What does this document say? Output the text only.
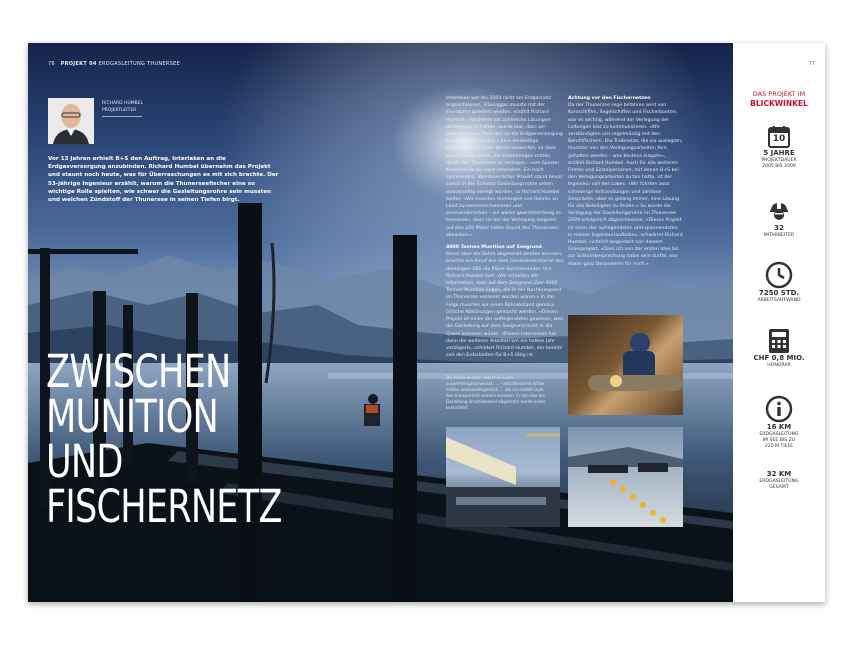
76 PROJEKT 04 ERDGASLEITUNG THUNERSEE
RICHARD HUMBEL
PROJEKTLEITER
Vor 13 Jahren erhielt B+S den Auftrag, Interlaken an die Erdgasversorgung anzubinden. Richard Humbel übernahm das Projekt und staunt noch heute, was für Überraschungen es mit sich brachte. Der 53-jährige Ingenieur erzählt, warum die Thunerseefischer eine so wichtige Rolle spielten, wie schwer die Gasleitungsrohre sein mussten und welchen Zündstoff der Thunersee in seinen Tiefen birgt.
ZWISCHEN
MUNITION
UND
FISCHERNETZ
Interlaken war bis 2004 nicht am Erdgasnetz angeschlossen. Flüssiggas musste mit der Eisenbahn geliefert werden, erzählt Richard Humbel. «Nachdem wir zahlreiche Lösungen durchgedacht hatten, wurde klar, dass wir Interlaken von Thun aus an die Erdgasversorgung anschliessen würden.» Eine landseitige Anbindung via Spiez wurde verworfen, so dass entschieden wurde, die Gasleitungen mitten durch den Thunersee zu verlegen – vom Spiezer Kanderdelta bis nach Interlaken. Ein hoch spannendes, abenteuerliches Projekt stand bevor, zumal in der Schweiz Gasleitungsrohre selten wasserseitig verlegt würden, so Richard Humbel weiter. «Wir mussten Unmengen von Rohren an Land zusammenschweissen und aneinanderreihen – sie waren gewichtsmässig so bemessen, dass sie bei der Verlegung langsam auf den 220 Meter tiefen Grund des Thunersees absanken.»
4000 Tonnen Munition auf Seegrund
Bevor aber die Rohre abgesenkt werden konnten, brachte ein Anruf aus dem Generalsekretariat des damaligen VBS die Pläne durcheinander. Uns Richard Humbel fort: «Wir erhielten die Information, dass auf dem Seegrund über 4000 Tonnen Munition liegen, die in der Nachkriegszeit im Thunersee versenkt worden waren.» In der Folge mussten wir einen Rohrabstand gemäss örtliche Abklärungen gemacht werden. «Diesen Projekt ist eines der aufregendsten gewesen, weil die Gasleitung auf dem Seegrund nicht in die Quere kommen würde. «Dieses Intermezzo hat dann die weiteren Arbeiten um ein halbes Jahr verzögert», schildert Richard Humbel, der bereits seit den Erdarbeiten für B+S tätig ist.
Achtung vor den Fischernetzen
Da der Thunersee rege befahren wird von Kursschiffen, Segelschiffen und Fischerbooten, war es wichtig, während der Verlegung der Leitungen klar zu kommunizieren. «Wir verständigten uns regelmässig mit den Berufsfischern. Die Treibnetze, die sie auslegten, mussten von den Verlegungsarbeiten fern gehalten werden – was bestens klappte», erzählt Richard Humbel. Auch für alle weiteren Firmen und Einzelpersonen, mit denen B+S bei den Verlegungsarbeiten zu tun hatte, ist der Ingenieur voll des Lobes. «Wir führten zwar schwierige Verhandlungen und zahllose Gespräche, aber es gelang immer, eine Lösung für alle Beteiligten zu finden.» So wurde die Verlegung der Gasleitungsrohre im Thunersee 2009 erfolgreich abgeschlossen. «Dieses Projekt ist eines der aufregendsten und spannendsten in meiner Ingenieurlaufbahn», schwärmt Richard Humbel, sichtlich begeistert von diesem Grossprojekt. «Dass ich von der ersten Idee bis zur Schlussbesprechung dabei sein durfte, war etwas ganz Besonderes für mich.»
Die Rohre wurden zuerst an Land zusammengeschweisst, ... – anschliessend schier endlos aneinandergereiht, ... die sie endlich zum See transportiert werden konnten. In den See die Gasleitung anschliessend abgesenkt wurde sowie kontrolliert.
77
DAS PROJEKT IM
BLICKWINKEL
10
5 JAHRE
PROJEKTDAUER
2005 BIS 2009
32
MITARBEITER
7250 STD.
ARBEITSAUFWAND
CHF 0,8 MIO.
HONORAR
16 KM
ERDGASLEITUNG
IM SEE BIS ZU
220 M TIEFE
32 KM
ERDGASLEITUNG
GESAMT
